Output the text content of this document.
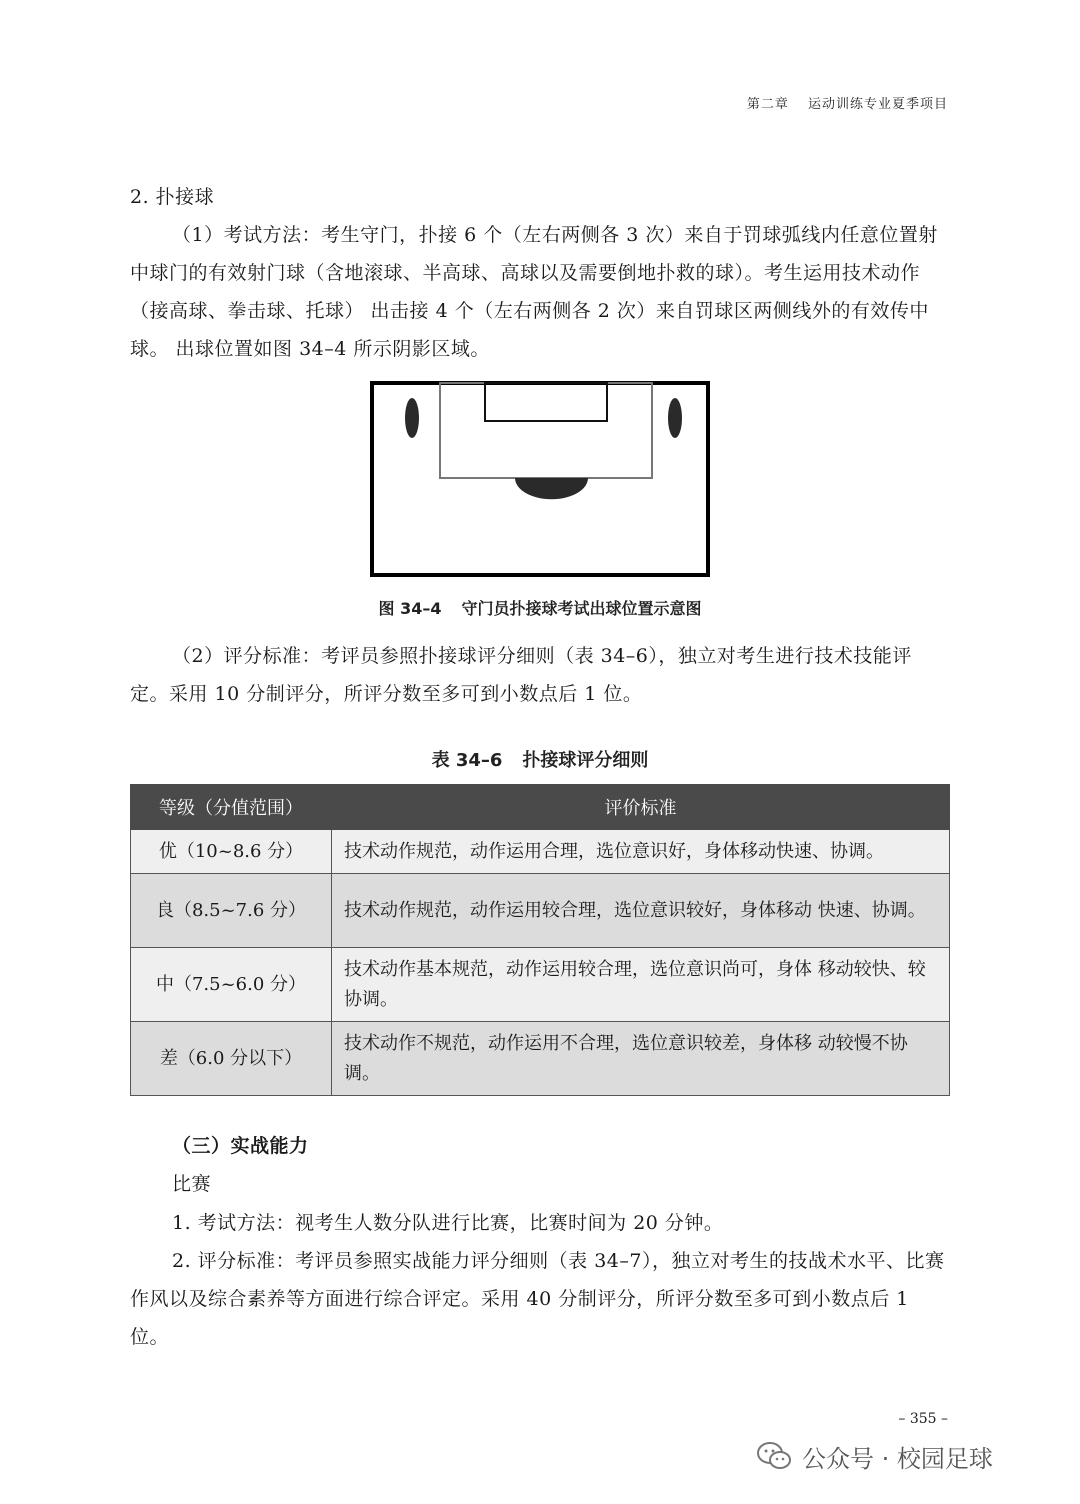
第二章 运动训练专业夏季项目
2. 扑接球
（1）考试方法：考生守门，扑接 6 个（左右两侧各 3 次）来自于罚球弧线内任意位置射中球门的有效射门球（含地滚球、半高球、高球以及需要倒地扑救的球）。考生运用技术动作（接高球、拳击球、托球） 出击接 4 个（左右两侧各 2 次）来自罚球区两侧线外的有效传中球。 出球位置如图 34–4 所示阴影区域。
图 34–4 守门员扑接球考试出球位置示意图
（2）评分标准：考评员参照扑接球评分细则（表 34–6），独立对考生进行技术技能评定。采用 10 分制评分，所评分数至多可到小数点后 1 位。
表 34–6 扑接球评分细则
等级（分值范围）	评价标准
优（10~8.6 分）	技术动作规范，动作运用合理，选位意识好，身体移动快速、协调。
良（8.5~7.6 分）	技术动作规范，动作运用较合理，选位意识较好，身体移动 快速、协调。
中（7.5~6.0 分）	技术动作基本规范，动作运用较合理，选位意识尚可，身体 移动较快、较协调。
差（6.0 分以下）	技术动作不规范，动作运用不合理，选位意识较差，身体移 动较慢不协调。
（三）实战能力
比赛
1. 考试方法：视考生人数分队进行比赛，比赛时间为 20 分钟。
2. 评分标准：考评员参照实战能力评分细则（表 34–7），独立对考生的技战术水平、比赛作风以及综合素养等方面进行综合评定。采用 40 分制评分，所评分数至多可到小数点后 1 位。
– 355 –
公众号 · 校园足球
